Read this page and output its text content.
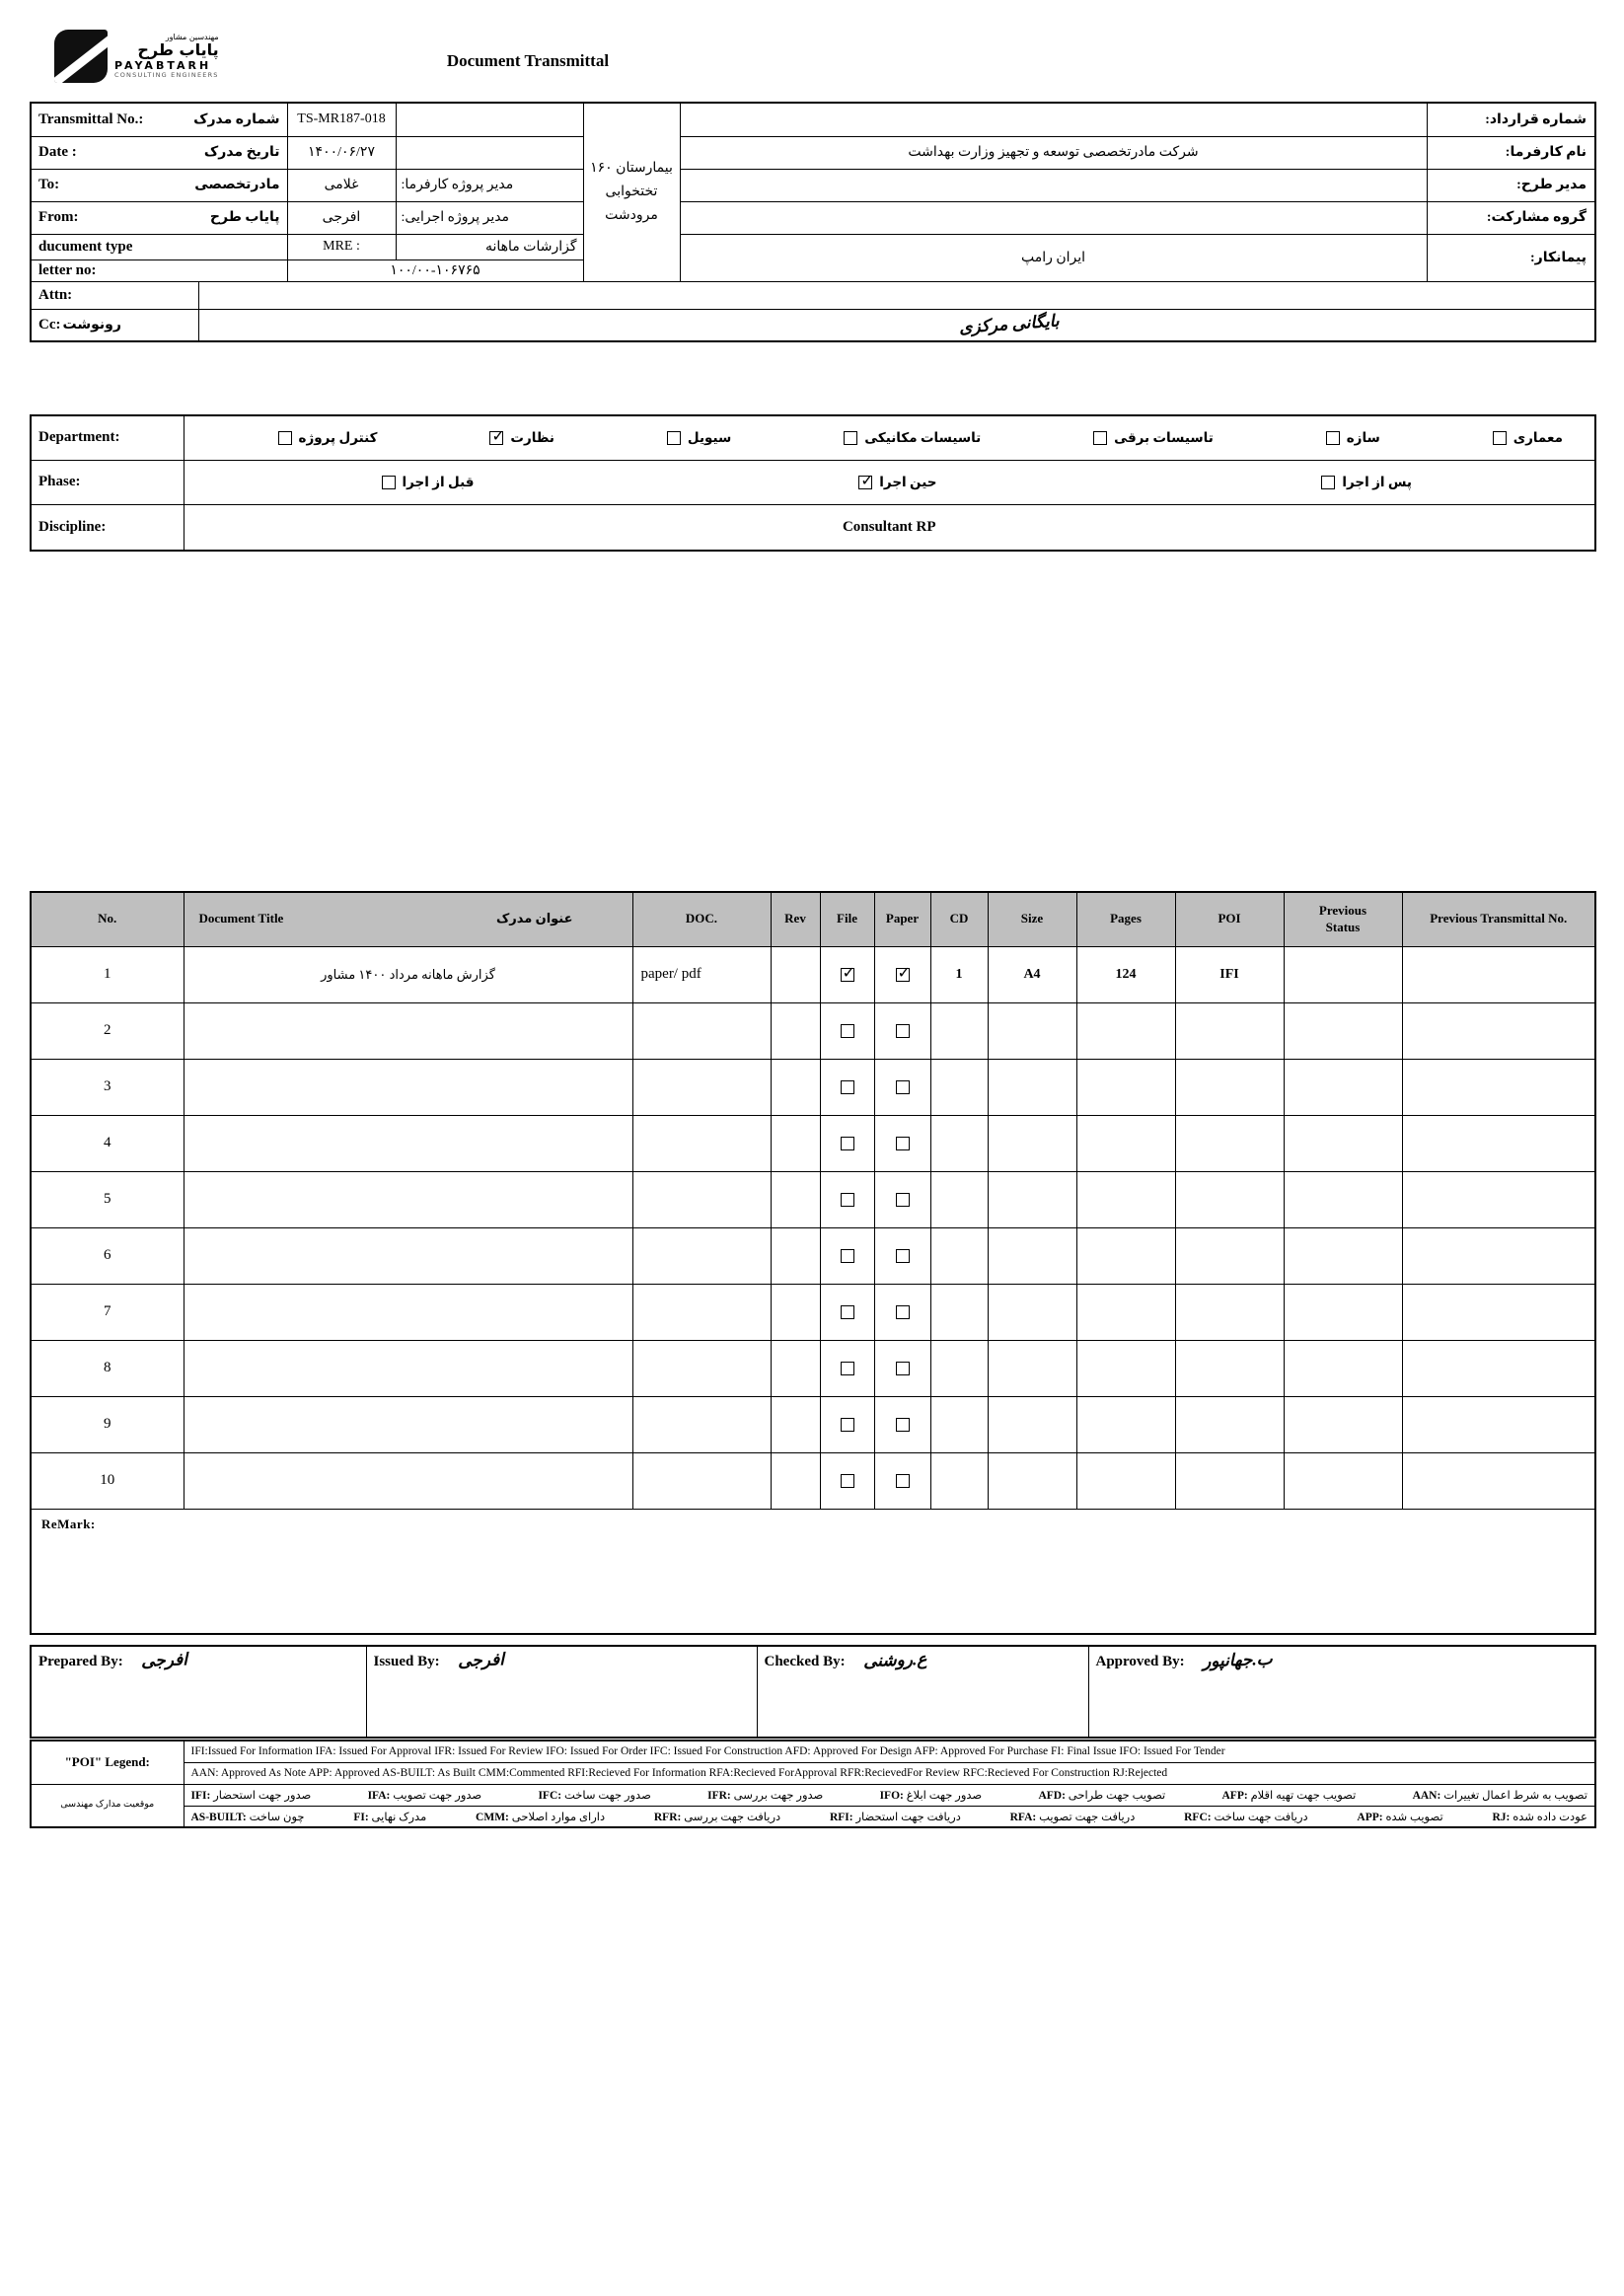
مهندسین مشاور
پایاب طرح
PAYABTARH
CONSULTING ENGINEERS
Document Transmittal
Transmittal No.: شماره مدرک		TS-MR187-018		بیمارستان ۱۶۰ تختخوابی مرودشت		شماره قرارداد:

Date : تاریخ مدرک		۱۴۰۰/۰۶/۲۷			شرکت مادرتخصصی توسعه و تجهیز وزارت بهداشت	نام کارفرما:

To: مادرتخصصی		غلامی	مدیر پروژه کارفرما:			مدیر طرح:

From: پایاب طرح		افرجی	مدیر پروژه اجرایی:			گروه مشارکت:

ducument type		MRE :	گزارشات ماهانه		ایران رامپ	پیمانکار:

letter no:		۱۰۰/۰۰-۱۰۶۷۶۵				

Attn:						

Cc: رونوشت	بایگانی مرکزی					
Department:	کنترل پروژه ✓	نظارت	سیویل	تاسیسات مکانیکی	تاسیسات برقی	سازه	معماری

Phase:	قبل از اجرا ✓ حین اجرا پس از اجرا

Discipline:	Consultant RP
No.	Document Title عنوان مدرک	DOC.	Rev	File	Paper	CD	Size	Pages	POI	Previous Status	Previous Transmittal No.
1	گزارش ماهانه مرداد ۱۴۰۰ مشاور	paper/ pdf		✓	✓	1	A4	124	IFI		
2											
3											
4											
5											
6											
7											
8											
9											
10											
ReMark:											
Prepared By: افرجی	Issued By: افرجی	Checked By: ع.روشنی	Approved By: ب.جهانپور
"POI" Legend:	IFI:Issued For Information IFA: Issued For Approval IFR: Issued For Review IFO: Issued For Order IFC: Issued For Construction AFD: Approved For Design AFP: Approved For Purchase FI: Final Issue IFO: Issued For Tender
	AAN: Approved As Note APP: Approved AS-BUILT: As Built CMM:Commented RFI:Recieved For Information RFA:Recieved ForApproval RFR:RecievedFor Review RFC:Recieved For Construction RJ:Rejected
موقعیت مدارک مهندسی	
IFI: صدور جهت استحضار	IFA: صدور جهت تصویب	IFC: صدور جهت ساخت	IFR: صدور جهت بررسی	IFO: صدور جهت ابلاغ	AFD: تصویب جهت طراحی	AFP: تصویب جهت تهیه اقلام	AAN: تصویب به شرط اعمال تغییرات

AS-BUILT: چون ساخت	FI: مدرک نهایی	CMM: دارای موارد اصلاحی	RFR: دریافت جهت بررسی	RFI: دریافت جهت استحضار	RFA: دریافت جهت تصویب	RFC: دریافت جهت ساخت	APP: تصویب شده	RJ: عودت داده شده
